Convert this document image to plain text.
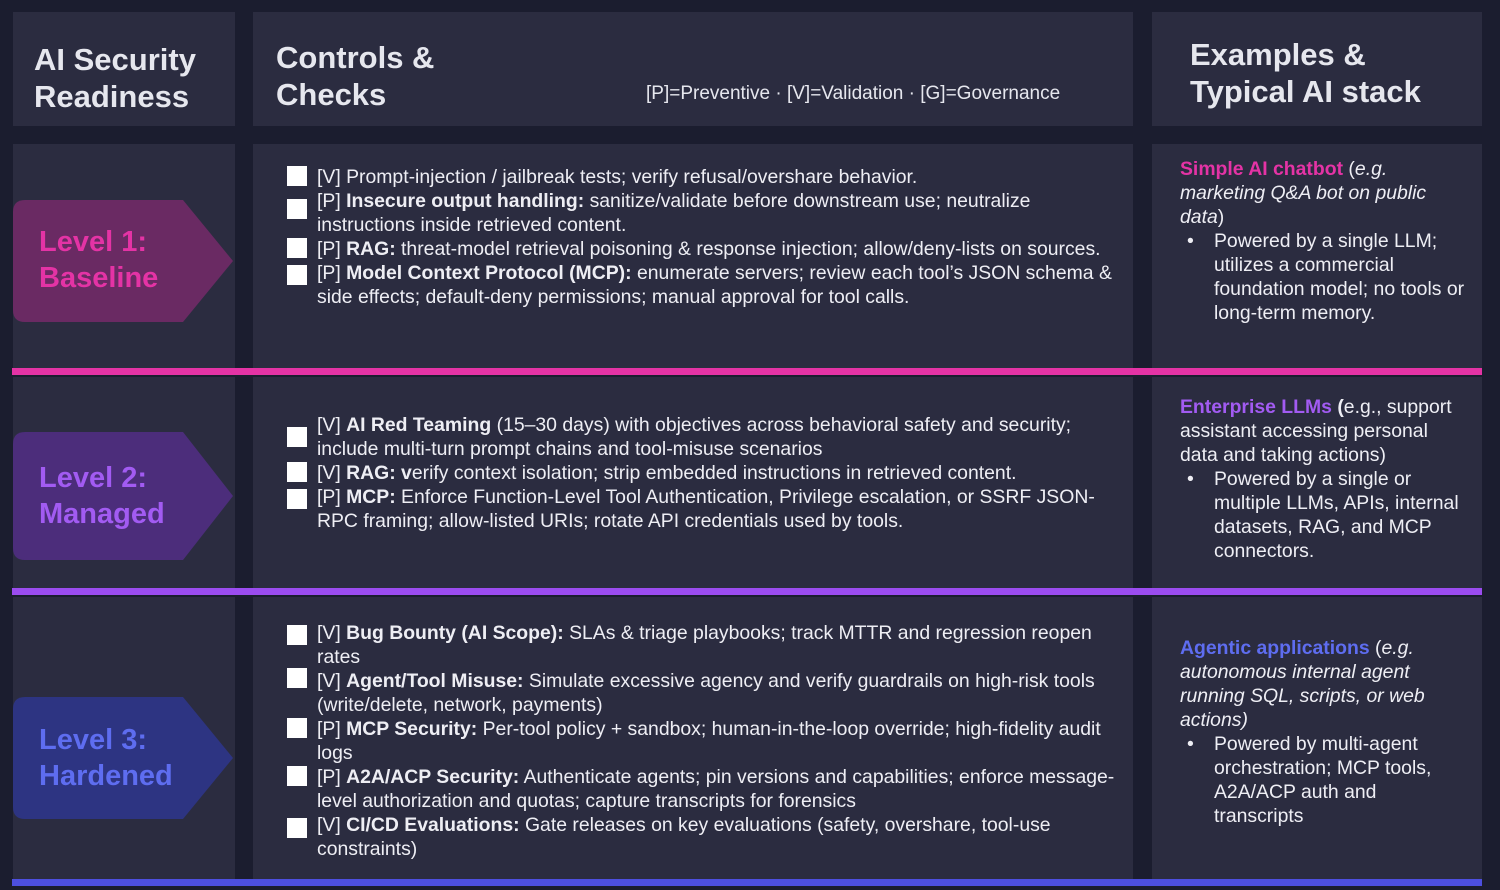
AI Security
Readiness
Controls &
Checks	[P]=Preventive · [V]=Validation · [G]=Governance
Examples &
Typical AI stack
Level 1:
Baseline
Level 2:
Managed
Level 3:
Hardened
[V] Prompt-injection / jailbreak tests; verify refusal/overshare behavior.
[P] Insecure output handling: sanitize/validate before downstream use; neutralize instructions inside retrieved content.
[P] RAG: threat-model retrieval poisoning & response injection; allow/deny-lists on sources.
[P] Model Context Protocol (MCP): enumerate servers; review each tool’s JSON schema & side effects; default-deny permissions; manual approval for tool calls.
[V] AI Red Teaming (15–30 days) with objectives across behavioral safety and security; include multi-turn prompt chains and tool-misuse scenarios
[V] RAG: verify context isolation; strip embedded instructions in retrieved content.
[P] MCP: Enforce Function-Level Tool Authentication, Privilege escalation, or SSRF JSON-RPC framing; allow-listed URIs; rotate API credentials used by tools.
[V] Bug Bounty (AI Scope): SLAs & triage playbooks; track MTTR and regression reopen rates
[V] Agent/Tool Misuse: Simulate excessive agency and verify guardrails on high-risk tools (write/delete, network, payments)
[P] MCP Security: Per-tool policy + sandbox; human-in-the-loop override; high-fidelity audit logs
[P] A2A/ACP Security: Authenticate agents; pin versions and capabilities; enforce message-level authorization and quotas; capture transcripts for forensics
[V] CI/CD Evaluations: Gate releases on key evaluations (safety, overshare, tool-use constraints)
Simple AI chatbot (e.g. marketing Q&A bot on public data)
• Powered by a single LLM; utilizes a commercial foundation model; no tools or long-term memory.
Enterprise LLMs (e.g., support assistant accessing personal data and taking actions)
• Powered by a single or multiple LLMs, APIs, internal datasets, RAG, and MCP connectors.
Agentic applications (e.g. autonomous internal agent running SQL, scripts, or web actions)
• Powered by multi-agent orchestration; MCP tools, A2A/ACP auth and transcripts
